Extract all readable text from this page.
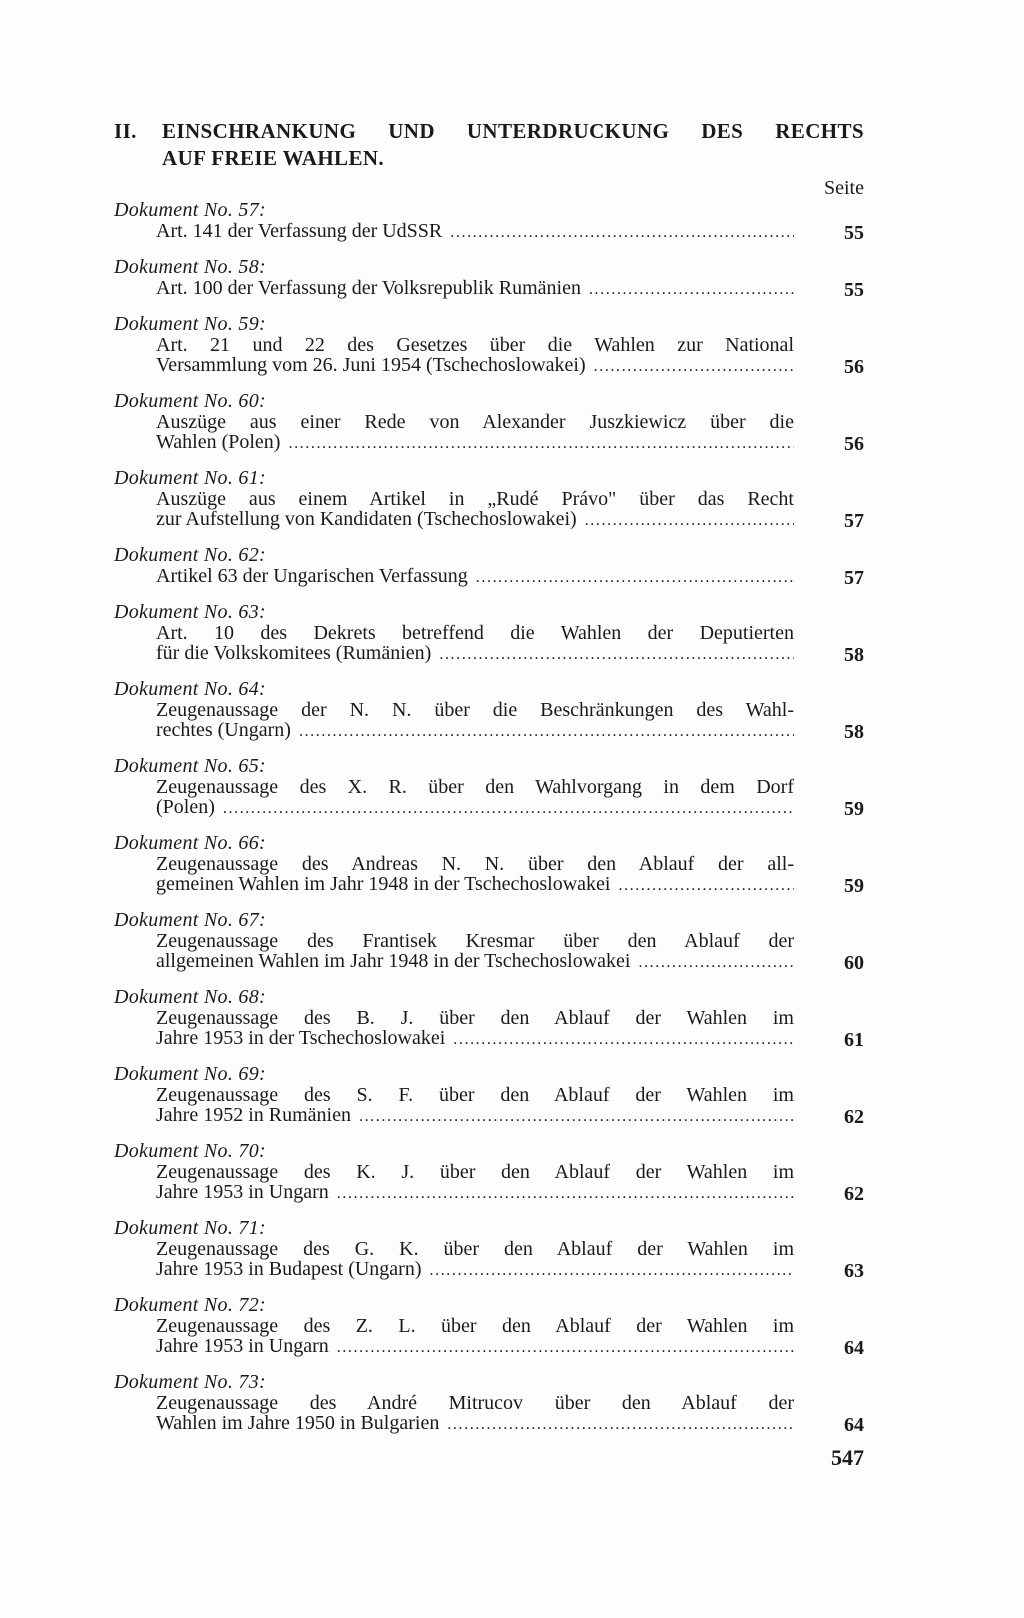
II.	EINSCHRANKUNG UND UNTERDRUCKUNG DES RECHTS
AUF FREIE WAHLEN.
Seite
Dokument No. 57:
Art. 141 der Verfassung der UdSSR . . .	55
Dokument No. 58:
Art. 100 der Verfassung der Volksrepublik Rumänien . . .	55
Dokument No. 59:
Art. 21 und 22 des Gesetzes über die Wahlen zur National
Versammlung vom 26. Juni 1954 (Tschechoslowakei) . . .	56
Dokument No. 60:
Auszüge aus einer Rede von Alexander Juszkiewicz über die
Wahlen (Polen) . . .	56
Dokument No. 61:
Auszüge aus einem Artikel in „Rudé Právo" über das Recht
zur Aufstellung von Kandidaten (Tschechoslowakei) . . .	57
Dokument No. 62:
Artikel 63 der Ungarischen Verfassung . . .	57
Dokument No. 63:
Art. 10 des Dekrets betreffend die Wahlen der Deputierten
für die Volkskomitees (Rumänien) . . .	58
Dokument No. 64:
Zeugenaussage der N. N. über die Beschränkungen des Wahl-
rechtes (Ungarn) . . .	58
Dokument No. 65:
Zeugenaussage des X. R. über den Wahlvorgang in dem Dorf
(Polen) . . .	59
Dokument No. 66:
Zeugenaussage des Andreas N. N. über den Ablauf der all-
gemeinen Wahlen im Jahr 1948 in der Tschechoslowakei . . .	59
Dokument No. 67:
Zeugenaussage des Frantisek Kresmar über den Ablauf der
allgemeinen Wahlen im Jahr 1948 in der Tschechoslowakei . . .	60
Dokument No. 68:
Zeugenaussage des B. J. über den Ablauf der Wahlen im
Jahre 1953 in der Tschechoslowakei . . .	61
Dokument No. 69:
Zeugenaussage des S. F. über den Ablauf der Wahlen im
Jahre 1952 in Rumänien . . .	62
Dokument No. 70:
Zeugenaussage des K. J. über den Ablauf der Wahlen im
Jahre 1953 in Ungarn . . .	62
Dokument No. 71:
Zeugenaussage des G. K. über den Ablauf der Wahlen im
Jahre 1953 in Budapest (Ungarn) . . .	63
Dokument No. 72:
Zeugenaussage des Z. L. über den Ablauf der Wahlen im
Jahre 1953 in Ungarn . . .	64
Dokument No. 73:
Zeugenaussage des André Mitrucov über den Ablauf der
Wahlen im Jahre 1950 in Bulgarien . . .	64
547
